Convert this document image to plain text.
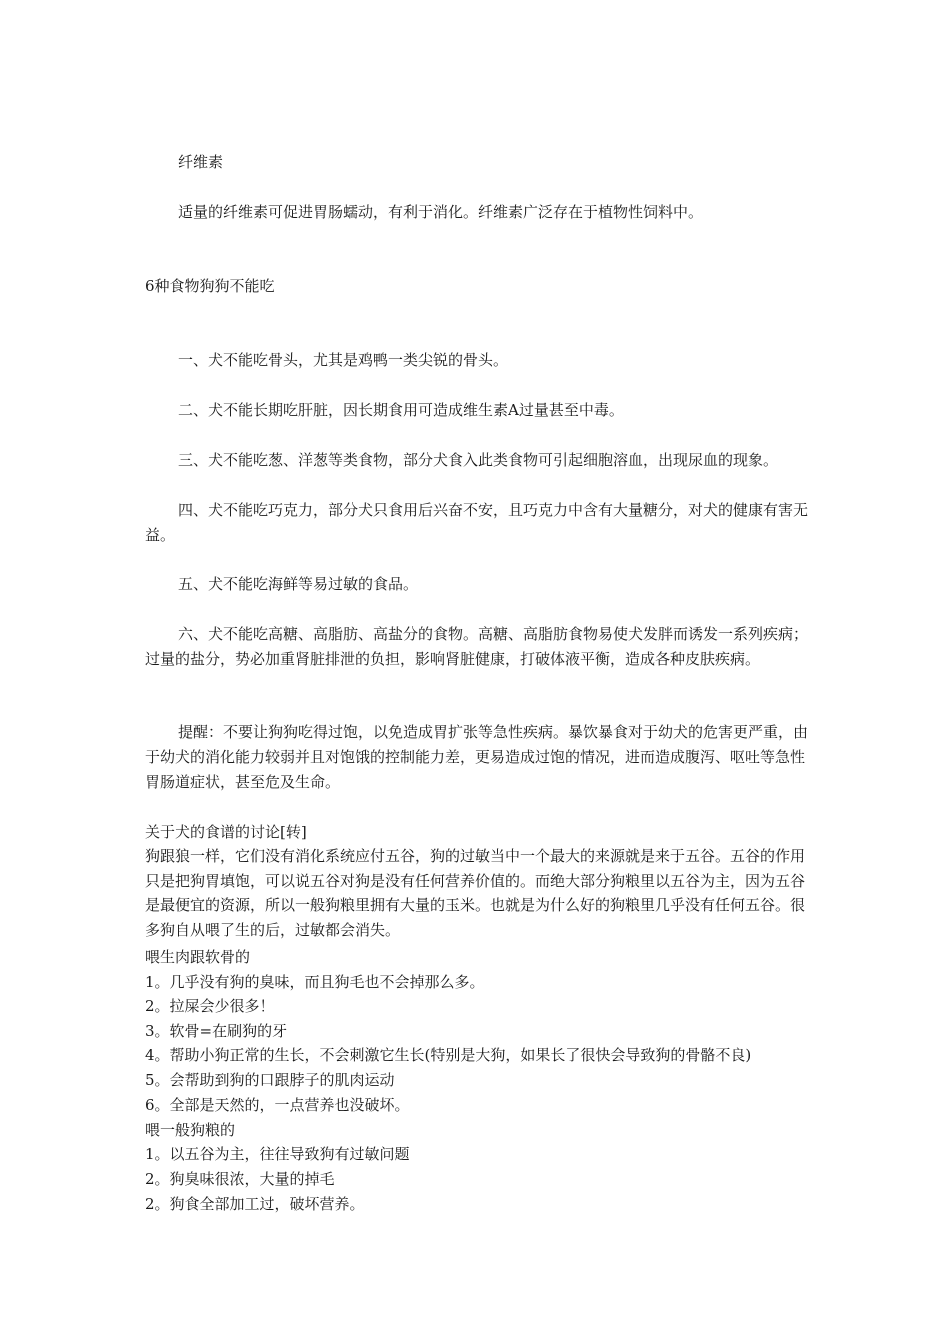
纤维素

适量的纤维素可促进胃肠蠕动，有利于消化。纤维素广泛存在于植物性饲料中。

6种食物狗狗不能吃

一、犬不能吃骨头，尤其是鸡鸭一类尖锐的骨头。

二、犬不能长期吃肝脏，因长期食用可造成维生素A过量甚至中毒。

三、犬不能吃葱、洋葱等类食物，部分犬食入此类食物可引起细胞溶血，出现尿血的现象。

四、犬不能吃巧克力，部分犬只食用后兴奋不安，且巧克力中含有大量糖分，对犬的健康有害无益。

五、犬不能吃海鲜等易过敏的食品。

六、犬不能吃高糖、高脂肪、高盐分的食物。高糖、高脂肪食物易使犬发胖而诱发一系列疾病；过量的盐分，势必加重肾脏排泄的负担，影响肾脏健康，打破体液平衡，造成各种皮肤疾病。

提醒：不要让狗狗吃得过饱，以免造成胃扩张等急性疾病。暴饮暴食对于幼犬的危害更严重，由于幼犬的消化能力较弱并且对饱饿的控制能力差，更易造成过饱的情况，进而造成腹泻、呕吐等急性胃肠道症状，甚至危及生命。

关于犬的食谱的讨论[转]

狗跟狼一样，它们没有消化系统应付五谷，狗的过敏当中一个最大的来源就是来于五谷。五谷的作用只是把狗胃填饱，可以说五谷对狗是没有任何营养价值的。而绝大部分狗粮里以五谷为主，因为五谷是最便宜的资源，所以一般狗粮里拥有大量的玉米。也就是为什么好的狗粮里几乎没有任何五谷。很多狗自从喂了生的后，过敏都会消失。

喂生肉跟软骨的

1。几乎没有狗的臭味，而且狗毛也不会掉那么多。

2。拉屎会少很多！

3。软骨=在刷狗的牙

4。帮助小狗正常的生长，不会刺激它生长(特别是大狗，如果长了很快会导致狗的骨骼不良)

5。会帮助到狗的口跟脖子的肌肉运动

6。全部是天然的，一点营养也没破坏。

喂一般狗粮的

1。以五谷为主，往往导致狗有过敏问题

2。狗臭味很浓，大量的掉毛

2。狗食全部加工过，破坏营养。
